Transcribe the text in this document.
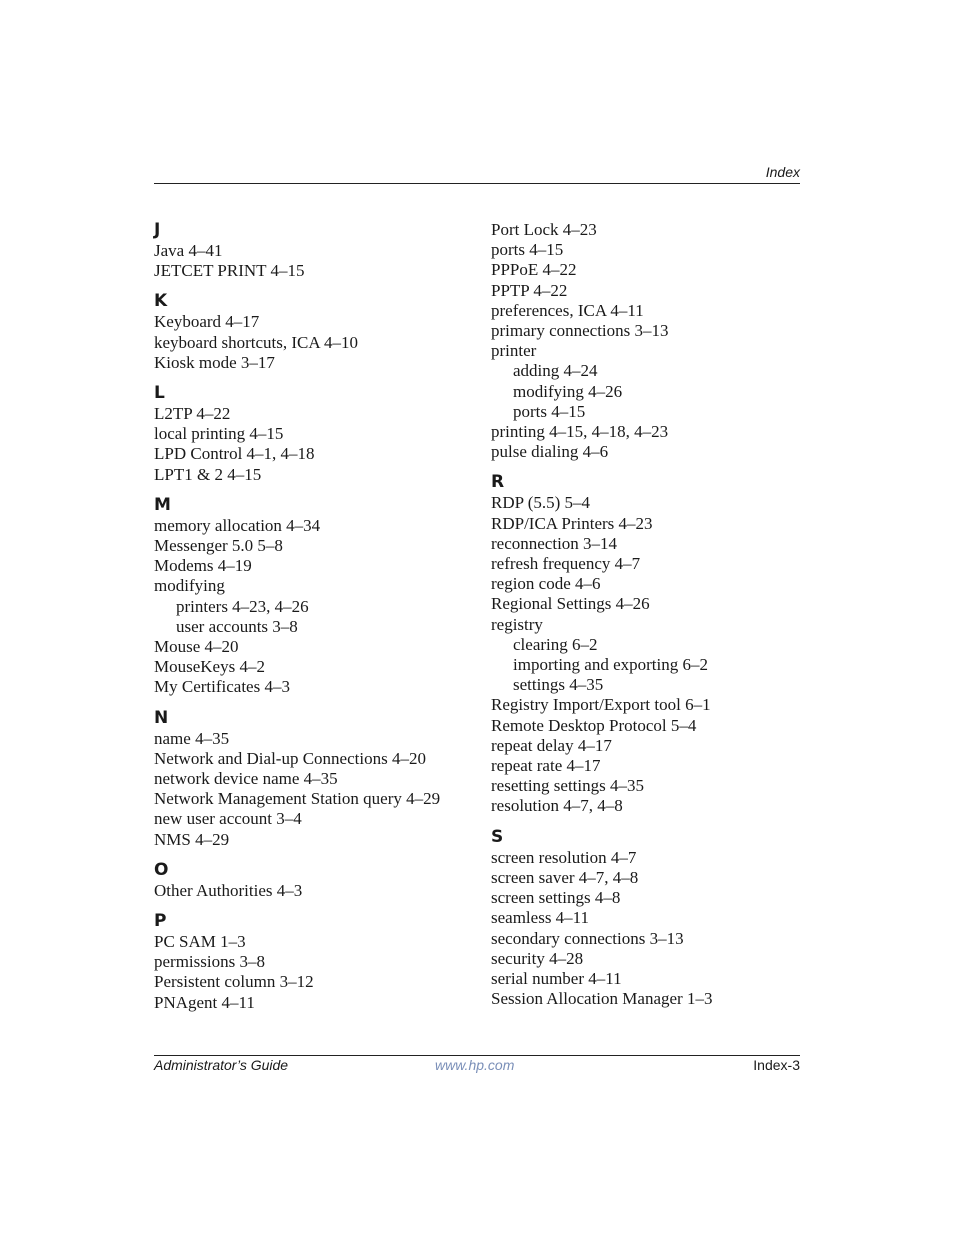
Index
J
Java 4–41
JETCET PRINT 4–15
K
Keyboard 4–17
keyboard shortcuts, ICA 4–10
Kiosk mode 3–17
L
L2TP 4–22
local printing 4–15
LPD Control 4–1, 4–18
LPT1 & 2 4–15
M
memory allocation 4–34
Messenger 5.0 5–8
Modems 4–19
modifying
printers 4–23, 4–26
user accounts 3–8
Mouse 4–20
MouseKeys 4–2
My Certificates 4–3
N
name 4–35
Network and Dial-up Connections 4–20
network device name 4–35
Network Management Station query 4–29
new user account 3–4
NMS 4–29
O
Other Authorities 4–3
P
PC SAM 1–3
permissions 3–8
Persistent column 3–12
PNAgent 4–11
Port Lock 4–23
ports 4–15
PPPoE 4–22
PPTP 4–22
preferences, ICA 4–11
primary connections 3–13
printer
adding 4–24
modifying 4–26
ports 4–15
printing 4–15, 4–18, 4–23
pulse dialing 4–6
R
RDP (5.5) 5–4
RDP/ICA Printers 4–23
reconnection 3–14
refresh frequency 4–7
region code 4–6
Regional Settings 4–26
registry
clearing 6–2
importing and exporting 6–2
settings 4–35
Registry Import/Export tool 6–1
Remote Desktop Protocol 5–4
repeat delay 4–17
repeat rate 4–17
resetting settings 4–35
resolution 4–7, 4–8
S
screen resolution 4–7
screen saver 4–7, 4–8
screen settings 4–8
seamless 4–11
secondary connections 3–13
security 4–28
serial number 4–11
Session Allocation Manager 1–3
Administrator’s Guide	www.hp.com	Index-3
